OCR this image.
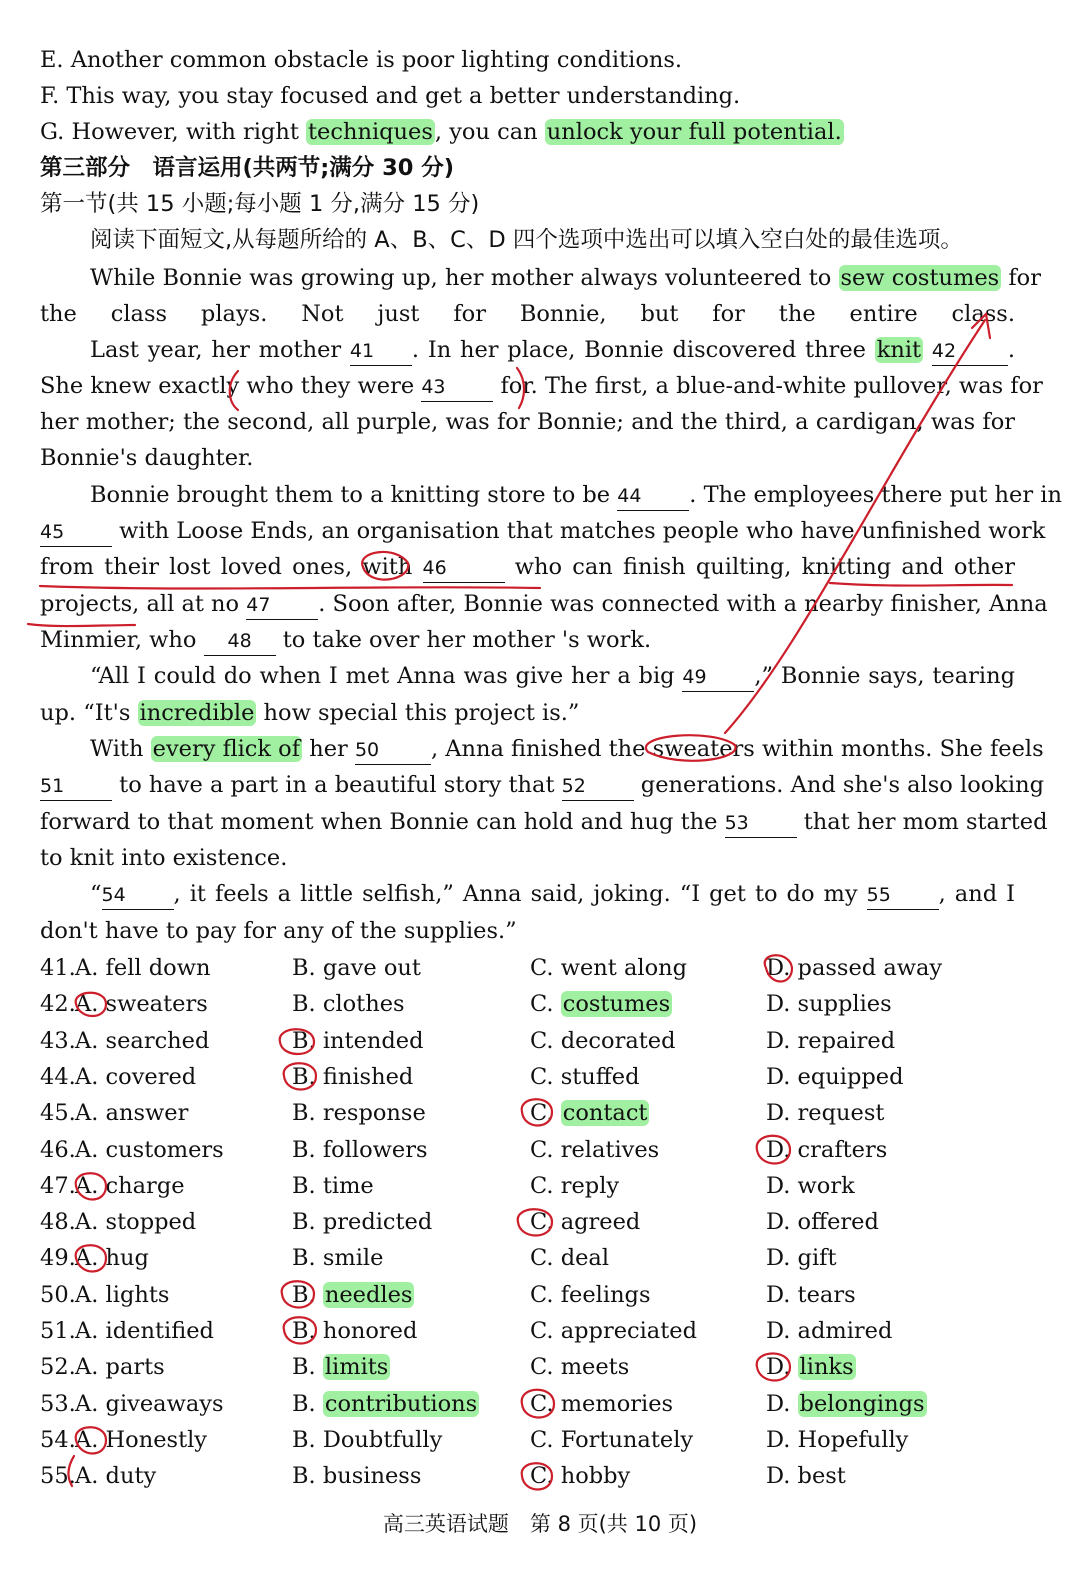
E. Another common obstacle is poor lighting conditions.
F. This way, you stay focused and get a better understanding.
G. However, with right techniques, you can unlock your full potential.
第三部分　语言运用(共两节;满分 30 分)
第一节(共 15 小题;每小题 1 分,满分 15 分)
阅读下面短文,从每题所给的 A、B、C、D 四个选项中选出可以填入空白处的最佳选项。
While Bonnie was growing up, her mother always volunteered to sew costumes for
the class plays. Not just for Bonnie, but for the entire class.
Last year, her mother 41 . In her place, Bonnie discovered three knit 42 .
She knew exactly who they were 43 for. The first, a blue-and-white pullover, was for
her mother; the second, all purple, was for Bonnie; and the third, a cardigan, was for
Bonnie's daughter.
Bonnie brought them to a knitting store to be 44 . The employees there put her in
45 with Loose Ends, an organisation that matches people who have unfinished work
from their lost loved ones, with 46	who can finish quilting, knitting and other
projects, all at no 47 . Soon after, Bonnie was connected with a nearby finisher, Anna
Minmier, who 48 to take over her mother 's work.
“All I could do when I met Anna was give her a big 49 ,” Bonnie says, tearing
up. “It's incredible how special this project is.”
With every flick of her 50 , Anna finished the sweaters within months. She feels
51 to have a part in a beautiful story that 52 generations. And she's also looking
forward to that moment when Bonnie can hold and hug the 53 that her mom started
to knit into existence.
“54 , it feels a little selfish,” Anna said, joking. “I get to do my 55 , and I
don't have to pay for any of the supplies.”
41. A. fell down	B. gave out	C. went along	D. passed away
42. A. sweaters	B. clothes	C. costumes	D. supplies
43. A. searched	B. intended	C. decorated	D. repaired
44. A. covered	B. finished	C. stuffed	D. equipped
45. A. answer	B. response	C. contact	D. request
46. A. customers	B. followers	C. relatives	D. crafters
47. A. charge	B. time	C. reply	D. work
48. A. stopped	B. predicted	C. agreed	D. offered
49. A. hug	B. smile	C. deal	D. gift
50. A. lights	B. needles	C. feelings	D. tears
51. A. identified	B. honored	C. appreciated	D. admired
52. A. parts	B. limits	C. meets	D. links
53. A. giveaways	B. contributions C. memories	D. belongings
54. A. Honestly	B. Doubtfully	C. Fortunately	D. Hopefully
55. A. duty	B. business	C. hobby	D. best
高三英语试题　第 8 页(共 10 页)
